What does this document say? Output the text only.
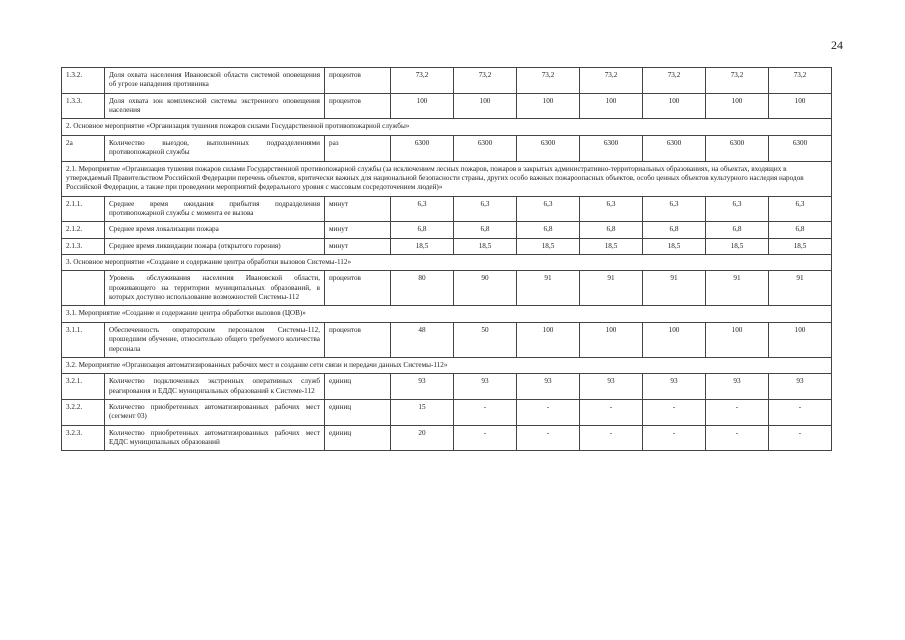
24
1.3.2.	Доля охвата населения Ивановской области системой оповещения об угрозе нападения противника	процентов	73,2	73,2	73,2	73,2	73,2	73,2	73,2
1.3.3.	Доля охвата зон комплексной системы экстренного оповещения населения	процентов	100	100	100	100	100	100	100
2. Основное мероприятие «Организация тушения пожаров силами Государственной противопожарной службы»									
2а	Количество выездов, выполненных подразделениями противопожарной службы	раз	6300	6300	6300	6300	6300	6300	6300
2.1. Мероприятие «Организация тушения пожаров силами Государственной противопожарной службы (за исключением лесных пожаров, пожаров в закрытых административно-территориальных образованиях, на объектах, входящих в утверждаемый Правительством Российской Федерации перечень объектов, критически важных для национальной безопасности страны, других особо важных пожароопасных объектов, особо ценных объектов культурного наследия народов Российской Федерации, а также при проведении мероприятий федерального уровня с массовым сосредоточением людей)»									
2.1.1.	Среднее время ожидания прибытия подразделения противопожарной службы с момента ее вызова	минут	6,3	6,3	6,3	6,3	6,3	6,3	6,3
2.1.2.	Среднее время локализации пожара	минут	6,8	6,8	6,8	6,8	6,8	6,8	6,8
2.1.3.	Среднее время ликвидации пожара (открытого горения)	минут	18,5	18,5	18,5	18,5	18,5	18,5	18,5
3. Основное мероприятие «Создание и содержание центра обработки вызовов Системы-112»									
	Уровень обслуживания населения Ивановской области, проживающего на территории муниципальных образований, в которых доступно использование возможностей Системы-112	процентов	80	90	91	91	91	91	91
3.1. Мероприятие «Создание и содержание центра обработки вызовов (ЦОВ)»									
3.1.1.	Обеспеченность операторским персоналом Системы-112, прошедшим обучение, относительно общего требуемого количества персонала	процентов	48	50	100	100	100	100	100
3.2. Мероприятие «Организация автоматизированных рабочих мест и создание сети связи и передачи данных Системы-112»									
3.2.1.	Количество подключенных экстренных оперативных служб реагирования и ЕДДС муниципальных образований к Системе-112	единиц	93	93	93	93	93	93	93
3.2.2.	Количество приобретенных автоматизированных рабочих мест (сегмент 03)	единиц	15	-	-	-	-	-	-
3.2.3.	Количество приобретенных автоматизированных рабочих мест ЕДДС муниципальных образований	единиц	20	-	-	-	-	-	-
